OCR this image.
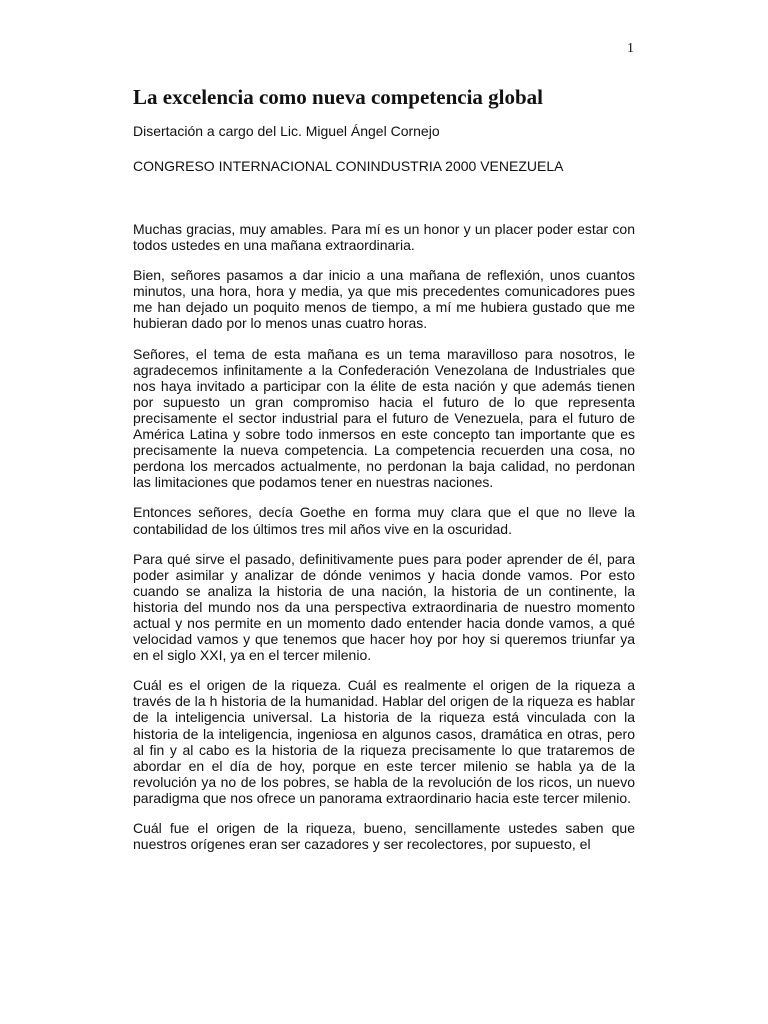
1
La excelencia como nueva competencia global

Disertación a cargo del Lic. Miguel Ángel Cornejo

CONGRESO INTERNACIONAL CONINDUSTRIA 2000 VENEZUELA

Muchas gracias, muy amables. Para mí es un honor y un placer poder estar con todos ustedes en una mañana extraordinaria.

Bien, señores pasamos a dar inicio a una mañana de reflexión, unos cuantos minutos, una hora, hora y media, ya que mis precedentes comunicadores pues me han dejado un poquito menos de tiempo, a mí me hubiera gustado que me hubieran dado por lo menos unas cuatro horas.

Señores, el tema de esta mañana es un tema maravilloso para nosotros, le agradecemos infinitamente a la Confederación Venezolana de Industriales que nos haya invitado a participar con la élite de esta nación y que además tienen por supuesto un gran compromiso hacia el futuro de lo que representa precisamente el sector industrial para el futuro de Venezuela, para el futuro de América Latina y sobre todo inmersos en este concepto tan importante que es precisamente la nueva competencia. La competencia recuerden una cosa, no perdona los mercados actualmente, no perdonan la baja calidad, no perdonan las limitaciones que podamos tener en nuestras naciones.

Entonces señores, decía Goethe en forma muy clara que el que no lleve la contabilidad de los últimos tres mil años vive en la oscuridad.

Para qué sirve el pasado, definitivamente pues para poder aprender de él, para poder asimilar y analizar de dónde venimos y hacia donde vamos. Por esto cuando se analiza la historia de una nación, la historia de un continente, la historia del mundo nos da una perspectiva extraordinaria de nuestro momento actual y nos permite en un momento dado entender hacia donde vamos, a qué velocidad vamos y que tenemos que hacer hoy por hoy si queremos triunfar ya en el siglo XXI, ya en el tercer milenio.

Cuál es el origen de la riqueza. Cuál es realmente el origen de la riqueza a través de la h historia de la humanidad. Hablar del origen de la riqueza es hablar de la inteligencia universal. La historia de la riqueza está vinculada con la historia de la inteligencia, ingeniosa en algunos casos, dramática en otras, pero al fin y al cabo es la historia de la riqueza precisamente lo que trataremos de abordar en el día de hoy, porque en este tercer milenio se habla ya de la revolución ya no de los pobres, se habla de la revolución de los ricos, un nuevo paradigma que nos ofrece un panorama extraordinario hacia este tercer milenio.

Cuál fue el origen de la riqueza, bueno, sencillamente ustedes saben que nuestros orígenes eran ser cazadores y ser recolectores, por supuesto, el
